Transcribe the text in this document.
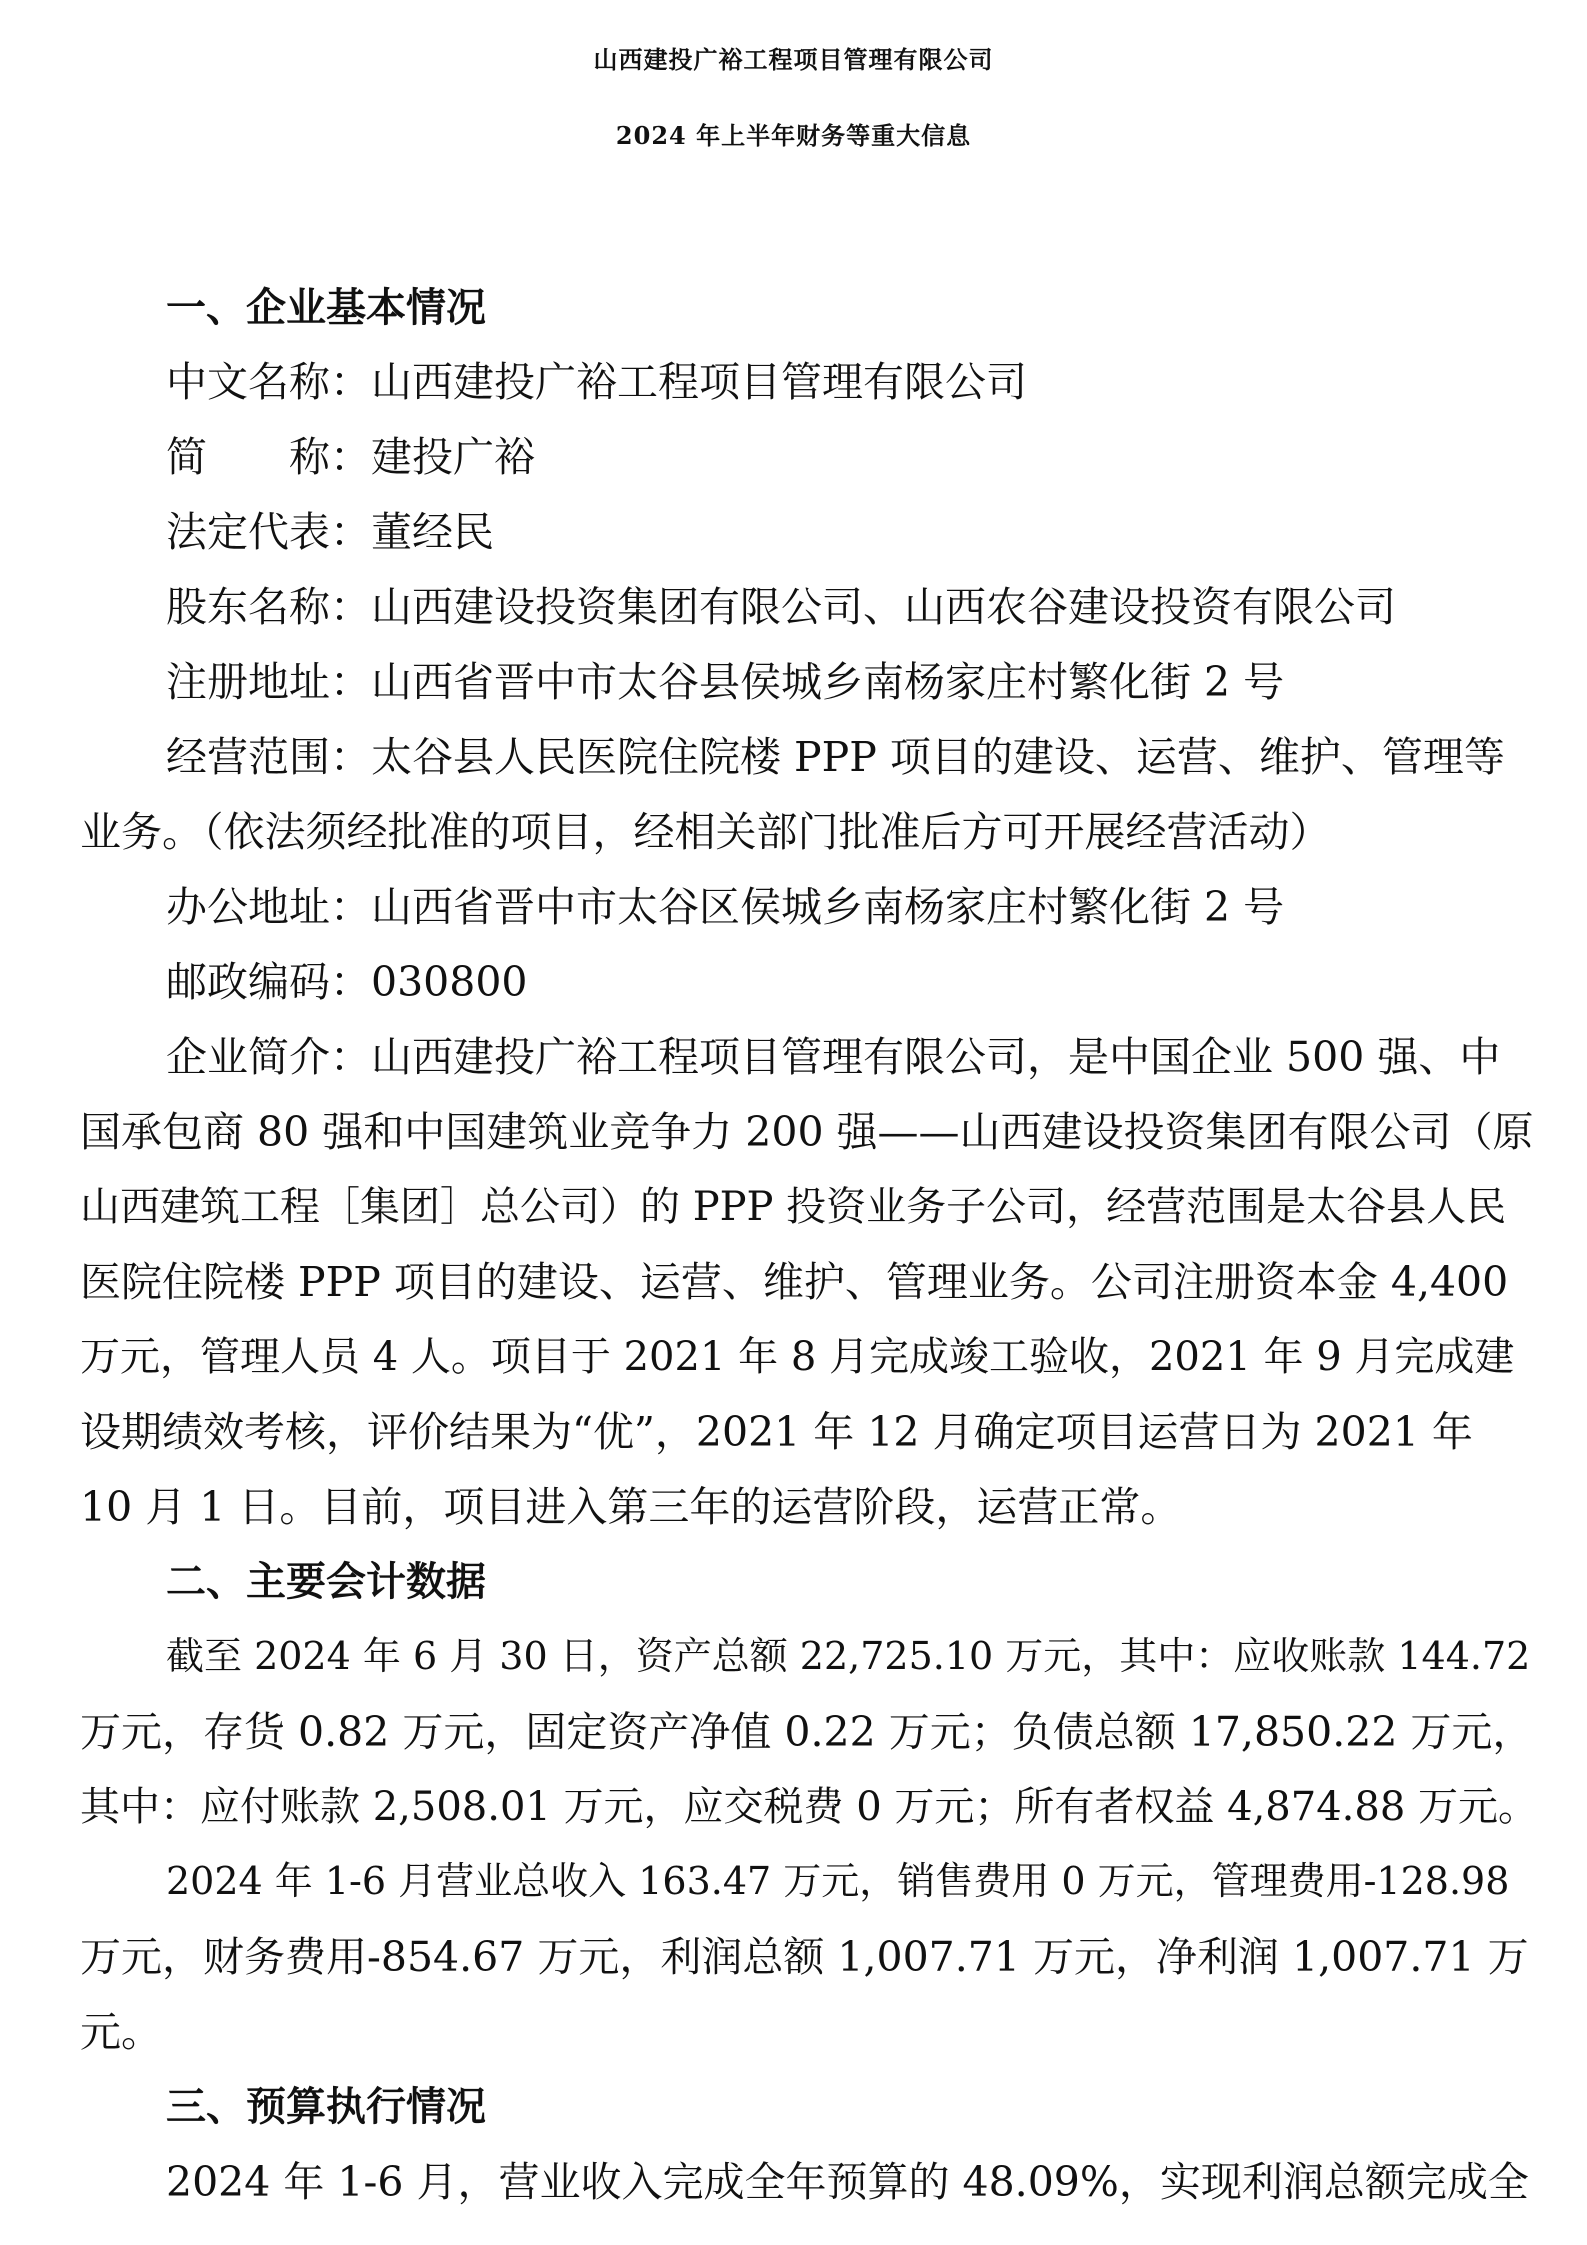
山西建投广裕工程项目管理有限公司
2024 年上半年财务等重大信息
一、企业基本情况
中文名称：山西建投广裕工程项目管理有限公司
简　　称：建投广裕
法定代表：董经民
股东名称：山西建设投资集团有限公司、山西农谷建设投资有限公司
注册地址：山西省晋中市太谷县侯城乡南杨家庄村繁化街 2 号
经营范围：太谷县人民医院住院楼 PPP 项目的建设、运营、维护、管理等
业务。（依法须经批准的项目，经相关部门批准后方可开展经营活动）
办公地址：山西省晋中市太谷区侯城乡南杨家庄村繁化街 2 号
邮政编码：030800
企业简介：山西建投广裕工程项目管理有限公司，是中国企业 500 强、中
国承包商 80 强和中国建筑业竞争力 200 强——山西建设投资集团有限公司（原
山西建筑工程［集团］总公司）的 PPP 投资业务子公司，经营范围是太谷县人民
医院住院楼 PPP 项目的建设、运营、维护、管理业务。公司注册资本金 4,400
万元，管理人员 4 人。项目于 2021 年 8 月完成竣工验收，2021 年 9 月完成建
设期绩效考核，评价结果为“优”，2021 年 12 月确定项目运营日为 2021 年
10 月 1 日。目前，项目进入第三年的运营阶段，运营正常。
二、主要会计数据
截至 2024 年 6 月 30 日，资产总额 22,725.10 万元，其中：应收账款 144.72
万元，存货 0.82 万元，固定资产净值 0.22 万元；负债总额 17,850.22 万元，
其中：应付账款 2,508.01 万元，应交税费 0 万元；所有者权益 4,874.88 万元。
2024 年 1-6 月营业总收入 163.47 万元，销售费用 0 万元，管理费用-128.98
万元，财务费用-854.67 万元，利润总额 1,007.71 万元，净利润 1,007.71 万
元。
三、预算执行情况
2024 年 1-6 月，营业收入完成全年预算的 48.09%，实现利润总额完成全
